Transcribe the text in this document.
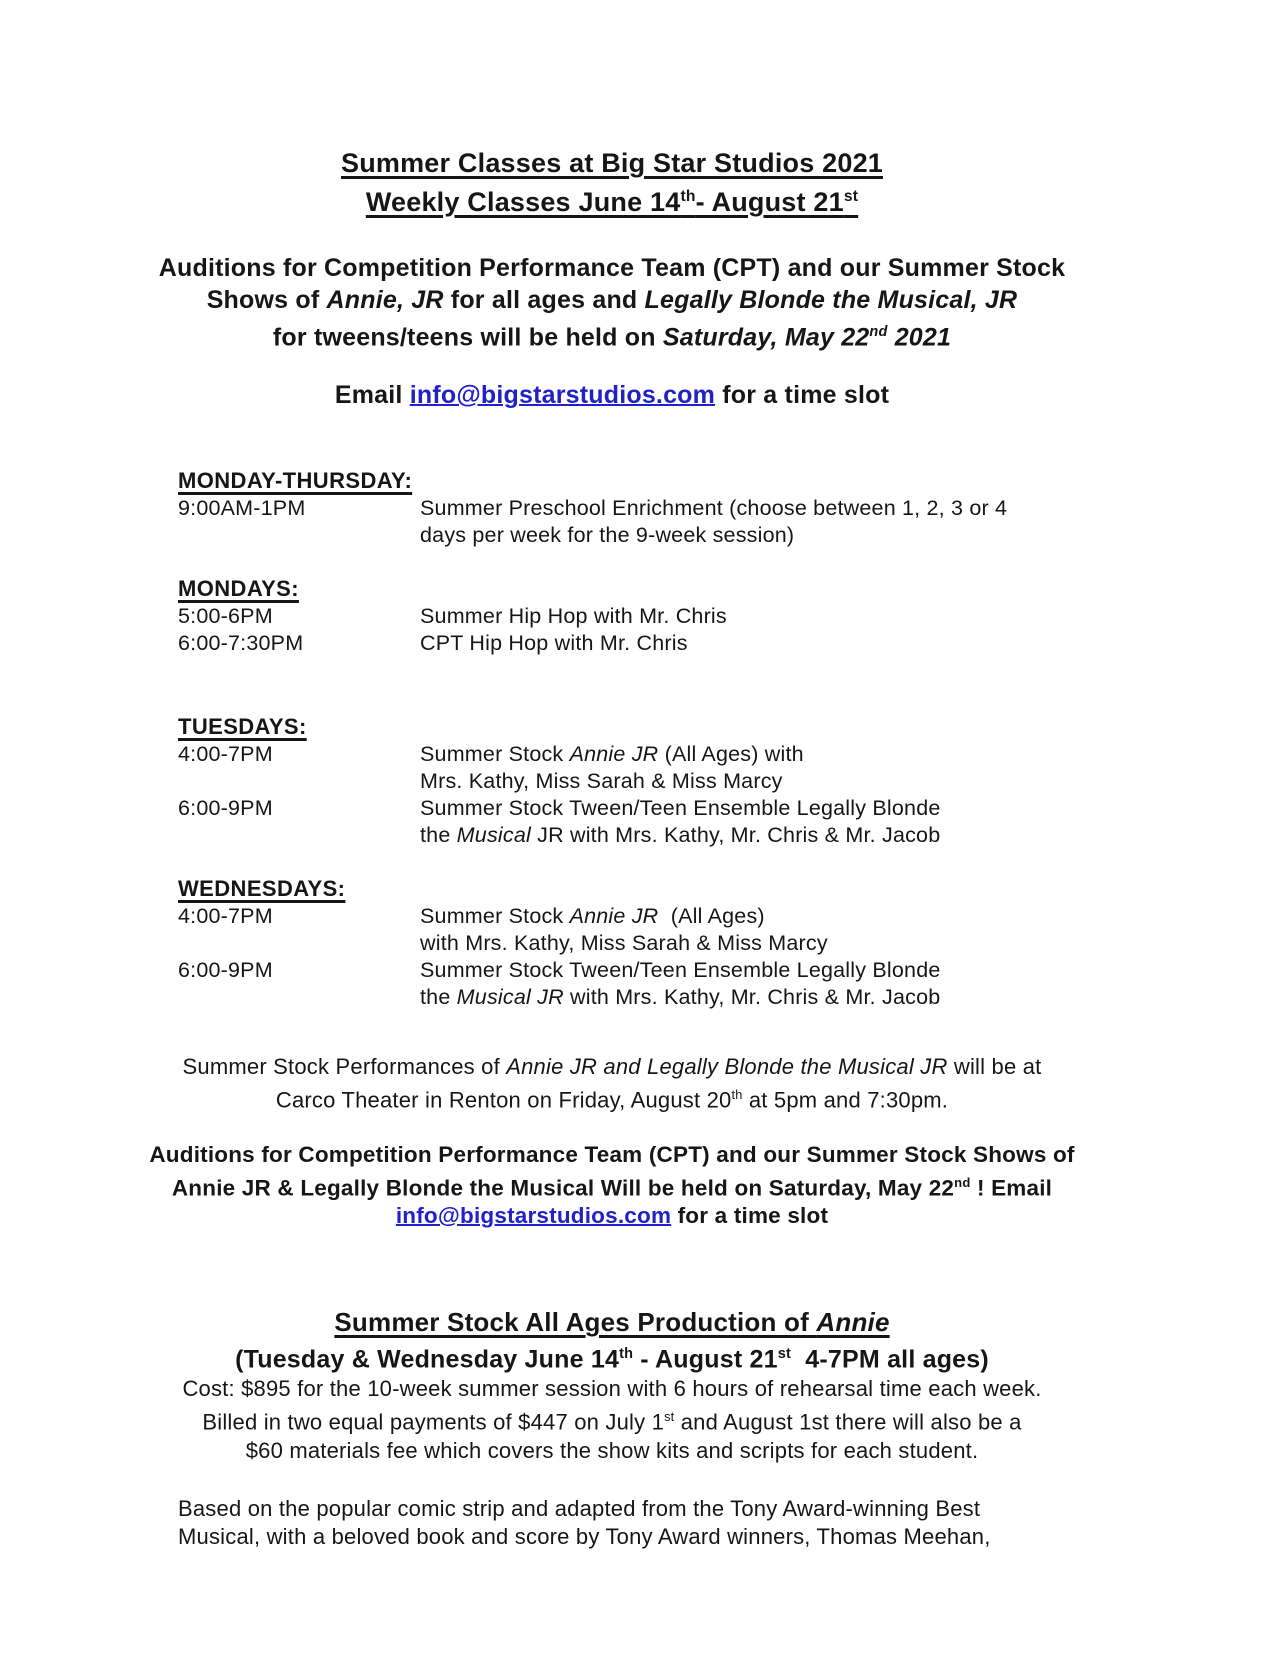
Summer Classes at Big Star Studios 2021
Weekly Classes June 14th- August 21st
Auditions for Competition Performance Team (CPT) and our Summer Stock
Shows of Annie, JR for all ages and Legally Blonde the Musical, JR
for tweens/teens will be held on Saturday, May 22nd 2021
Email info@bigstarstudios.com for a time slot
MONDAY-THURSDAY:
9:00AM-1PM	Summer Preschool Enrichment (choose between 1, 2, 3 or 4
days per week for the 9-week session)
MONDAYS:
5:00-6PM	Summer Hip Hop with Mr. Chris
6:00-7:30PM	CPT Hip Hop with Mr. Chris
TUESDAYS:
4:00-7PM	Summer Stock Annie JR (All Ages) with
Mrs. Kathy, Miss Sarah & Miss Marcy
6:00-9PM	Summer Stock Tween/Teen Ensemble Legally Blonde
the Musical JR with Mrs. Kathy, Mr. Chris & Mr. Jacob
WEDNESDAYS:
4:00-7PM	Summer Stock Annie JR  (All Ages)
with Mrs. Kathy, Miss Sarah & Miss Marcy
6:00-9PM	Summer Stock Tween/Teen Ensemble Legally Blonde
the Musical JR with Mrs. Kathy, Mr. Chris & Mr. Jacob
Summer Stock Performances of Annie JR and Legally Blonde the Musical JR will be at
Carco Theater in Renton on Friday, August 20th at 5pm and 7:30pm.
Auditions for Competition Performance Team (CPT) and our Summer Stock Shows of
Annie JR & Legally Blonde the Musical Will be held on Saturday, May 22nd ! Email
info@bigstarstudios.com for a time slot
Summer Stock All Ages Production of Annie
(Tuesday & Wednesday June 14th - August 21st  4-7PM all ages)
Cost: $895 for the 10-week summer session with 6 hours of rehearsal time each week.
Billed in two equal payments of $447 on July 1st and August 1st there will also be a
$60 materials fee which covers the show kits and scripts for each student.
Based on the popular comic strip and adapted from the Tony Award-winning Best
Musical, with a beloved book and score by Tony Award winners, Thomas Meehan,
